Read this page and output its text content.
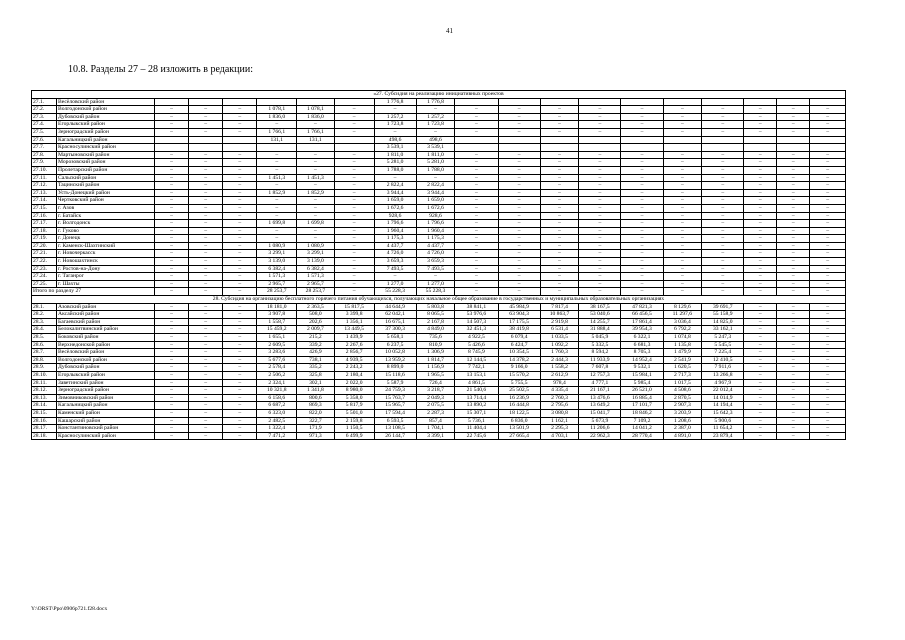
41
10.8. Разделы 27 – 28 изложить в редакции:
«27. Субсидия на реализацию инициативных проектов																			
27.1.	Весёловский район							1 776,8	1 776,8										
27.2.	Волгодонской район	–	–	–	1 078,1	1 078,1	–	–	–	–	–	–	–	–	–	–	–	–	–
27.3.	Дубовский район	–	–	–	1 836,0	1 836,0	–	1 257,2	1 257,2	–	–	–	–	–	–	–	–	–	–
27.4.	Егорлыкский район	–	–	–	–	–	–	1 723,8	1 723,8	–	–	–	–	–	–	–	–	–	–
27.5.	Зерноградский район	–	–	–	1 766,1	1 766,1	–	–	–	–	–	–	–	–	–	–	–	–	–
27.6.	Кагальницкий район				131,1	131,1		498,6	498,6										
27.7.	Красносулинский район							3 539,1	3 539,1										
27.8.	Мартыновский район	–	–	–	–	–	–	1 811,0	1 811,0	–	–	–	–	–	–	–	–	–	–
27.9.	Морозовский район	–	–	–	–	–	–	5 281,0	5 281,0	–	–	–	–	–	–	–	–	–	–
27.10.	Пролетарский район	–	–	–	–	–	–	1 788,0	1 788,0	–	–	–	–	–	–	–	–	–	–
27.11.	Сальский район	–	–	–	1 451,3	1 451,3	–	–	–	–	–	–	–	–	–	–	–	–	–
27.12.	Тацинский район	–	–	–	–	–	–	2 822,4	2 822,4	–	–	–	–	–	–	–	–	–	–
27.13.	Усть-Донецкий район	–	–	–	1 852,9	1 852,9	–	3 944,4	3 944,4	–	–	–	–	–	–	–	–	–	–
27.14.	Чертковский район	–	–	–	–	–	–	1 659,0	1 659,0	–	–	–	–	–	–	–	–	–	–
27.15.	г. Азов	–	–	–	–	–	–	1 672,6	1 672,6	–	–	–	–	–	–	–	–	–	–
27.16.	г. Батайск	–	–	–	–	–	–	928,6	928,6	–	–	–	–	–	–	–	–	–	–
27.17.	г. Волгодонск	–	–	–	1 699,8	1 699,8	–	1 796,6	1 796,6	–	–	–	–	–	–	–	–	–	–
27.18.	г. Гуково	–	–	–	–	–	–	1 960,4	1 960,4	–	–	–	–	–	–	–	–	–	–
27.19.	г. Донецк	–	–	–	–	–	–	1 175,3	1 175,3	–	–	–	–	–	–	–	–	–	–
27.20.	г. Каменск-Шахтинский	–	–	–	1 080,9	1 080,9	–	4 437,7	4 437,7	–	–	–	–	–	–	–	–	–	–
27.21.	г. Новочеркасск	–	–	–	3 299,1	3 299,1	–	4 726,0	4 726,0	–	–	–	–	–	–	–	–	–	–
27.22.	г. Новошахтинск	–	–	–	3 139,0	3 139,0	–	3 659,3	3 659,3	–	–	–	–	–	–	–	–	–	–
27.23.	г. Ростов-на-Дону	–	–	–	6 382,4	6 382,4	–	7 493,5	7 493,5	–	–	–	–	–	–	–	–	–	–
27.24.	г. Таганрог	–	–	–	1 571,3	1 571,3	–	–	–	–	–	–	–	–	–	–	–	–	–
27.25.	г. Шахты	–	–	–	2 965,7	2 965,7	–	1 277,0	1 277,0	–	–	–	–	–	–	–	–	–	–
Итого по разделу 27		–	–	–	28 253,7	28 253,7	–	55 228,3	55 228,3	–	–	–	–	–	–	–	–	–	–
28. Субсидия на организацию бесплатного горячего питания обучающихся, получающих начальное общее образование в государственных и муниципальных образовательных организациях																			
28.1.	Азовский район	–	–	–	18 181,0	2 363,5	15 817,5	44 644,9	5 803,8	38 841,1	45 984,9	7 817,4	38 167,5	47 821,3	8 129,6	39 691,7	–	–	–
28.2.	Аксайский район	–	–	–	3 907,8	508,0	3 399,8	62 042,1	8 065,5	53 976,6	63 904,3	10 863,7	53 040,6	66 456,5	11 297,6	55 158,9	–	–	–
28.3.	Багаевский район	–	–	–	1 558,7	202,6	1 356,1	16 675,1	2 167,8	14 507,3	17 175,5	2 919,8	14 255,7	17 861,4	3 036,4	14 825,0	–	–	–
28.4.	Белокалитвинский район	–	–	–	15 459,2	2 009,7	13 449,5	37 300,3	4 849,0	32 451,3	38 419,8	6 531,4	31 888,4	39 954,3	6 792,2	33 162,1	–	–	–
28.5.	Боковский район	–	–	–	1 655,1	215,2	1 439,9	5 658,1	735,6	4 922,5	6 079,4	1 033,5	5 045,9	6 322,1	1 074,8	5 247,3	–	–	–
28.6.	Верхнедонской район	–	–	–	2 609,5	339,2	2 267,6	6 237,5	810,9	5 426,6	6 424,7	1 092,2	5 332,5	6 681,3	1 135,8	5 545,5	–	–	–
28.7.	Весёловский район	–	–	–	3 283,6	426,9	2 856,7	10 052,8	1 306,9	8 745,9	10 354,5	1 760,3	8 594,2	8 705,3	1 479,9	7 225,4	–	–	–
28.8.	Волгодонской район	–	–	–	5 677,6	738,1	4 939,5	13 959,2	1 814,7	12 144,5	14 378,2	2 444,3	11 933,9	14 952,4	2 541,9	12 410,5	–	–	–
28.9.	Дубовский район	–	–	–	2 578,4	335,2	2 243,2	8 899,0	1 156,9	7 742,1	9 166,0	1 558,2	7 607,8	9 532,1	1 620,5	7 911,6	–	–	–
28.10.	Егорлыкский район	–	–	–	2 506,2	325,8	2 180,4	15 118,6	1 965,5	13 153,1	15 570,2	2 612,9	12 757,3	15 984,1	2 717,3	13 266,8	–	–	–
28.11.	Заветинский район	–	–	–	2 324,1	302,1	2 022,0	5 587,9	726,4	4 861,5	5 755,5	978,4	4 777,1	5 985,4	1 017,5	4 967,9	–	–	–
28.12.	Зерноградский район	–	–	–	10 321,8	1 341,8	8 980,0	24 759,3	3 218,7	21 540,6	25 502,5	4 335,4	21 167,1	26 521,0	4 508,6	22 012,4	–	–	–
28.13.	Зимовниковский район	–	–	–	6 158,6	800,6	5 358,0	15 763,7	2 049,3	13 714,4	16 236,9	2 760,3	13 476,6	16 885,4	2 870,5	14 014,9	–	–	–
28.14.	Кагальницкий район	–	–	–	6 687,2	869,3	5 817,9	15 965,7	2 075,5	13 890,2	16 444,8	2 795,6	13 649,2	17 101,7	2 907,3	14 194,4	–	–	–
28.15.	Каменский район	–	–	–	6 323,0	822,0	5 501,0	17 594,4	2 287,3	15 307,1	18 122,5	3 080,8	15 041,7	18 846,2	3 203,9	15 642,3	–	–	–
28.16.	Кашарский район	–	–	–	2 482,5	322,7	2 159,8	6 593,5	857,4	5 736,1	6 836,0	1 162,1	5 673,9	7 109,2	1 208,6	5 900,6	–	–	–
28.17.	Константиновский район	–	–	–	1 322,4	171,9	1 150,5	13 108,5	1 704,1	11 404,4	13 501,9	2 295,3	11 206,6	14 041,2	2 387,0	11 654,2	–	–	–
28.18.	Красносулинский район	–	–	–	7 471,2	971,3	6 499,9	26 144,7	3 399,1	22 745,6	27 665,4	4 703,1	22 962,3	28 770,4	4 891,0	23 879,4	–	–	–
Y:\ORST\Ppo\0906p721.f28.docx
